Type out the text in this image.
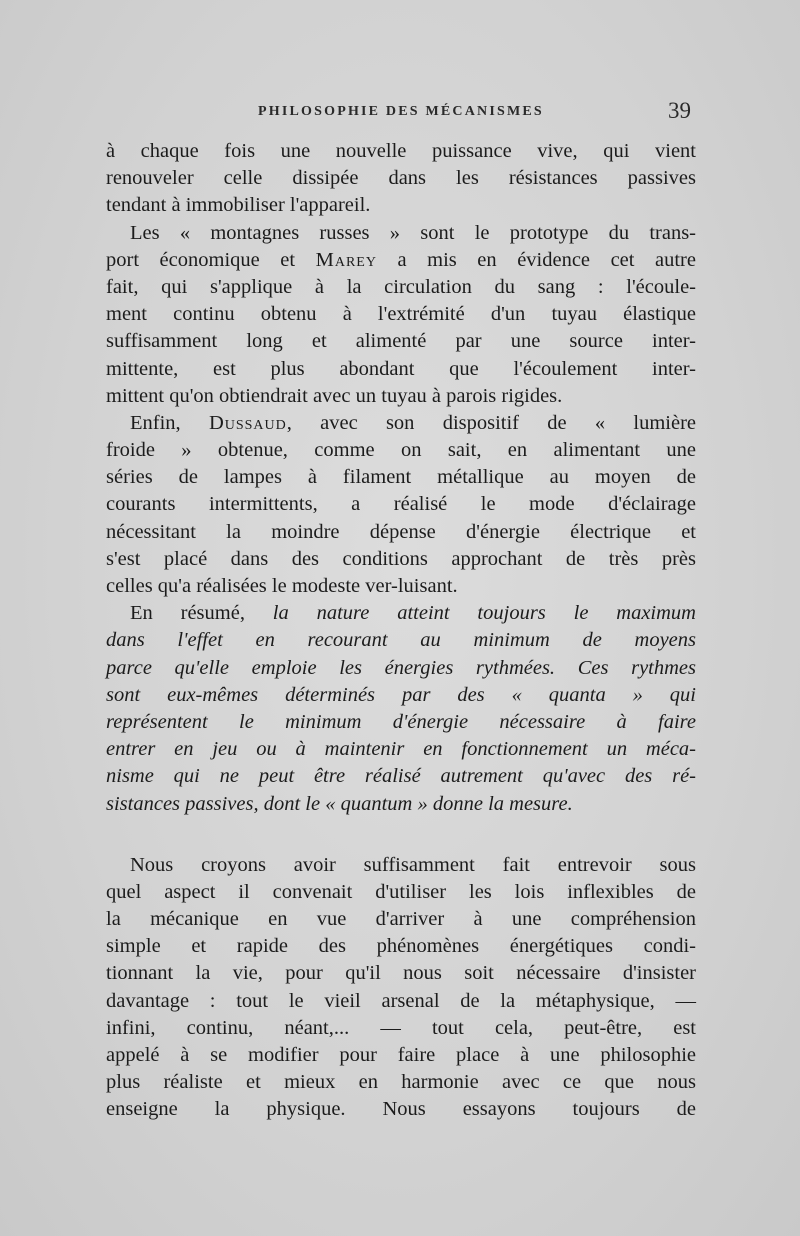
PHILOSOPHIE DES MÉCANISMES	39
à chaque fois une nouvelle puissance vive, qui vient
renouveler celle dissipée dans les résistances passives
tendant à immobiliser l'appareil.
Les « montagnes russes » sont le prototype du trans-
port économique et Marey a mis en évidence cet autre
fait, qui s'applique à la circulation du sang : l'écoule-
ment continu obtenu à l'extrémité d'un tuyau élastique
suffisamment long et alimenté par une source inter-
mittente, est plus abondant que l'écoulement inter-
mittent qu'on obtiendrait avec un tuyau à parois rigides.
Enfin, Dussaud, avec son dispositif de « lumière
froide » obtenue, comme on sait, en alimentant une
séries de lampes à filament métallique au moyen de
courants intermittents, a réalisé le mode d'éclairage
nécessitant la moindre dépense d'énergie électrique et
s'est placé dans des conditions approchant de très près
celles qu'a réalisées le modeste ver-luisant.
En résumé, la nature atteint toujours le maximum
dans l'effet en recourant au minimum de moyens
parce qu'elle emploie les énergies rythmées. Ces rythmes
sont eux-mêmes déterminés par des « quanta » qui
représentent le minimum d'énergie nécessaire à faire
entrer en jeu ou à maintenir en fonctionnement un méca-
nisme qui ne peut être réalisé autrement qu'avec des ré-
sistances passives, dont le « quantum » donne la mesure.
Nous croyons avoir suffisamment fait entrevoir sous
quel aspect il convenait d'utiliser les lois inflexibles de
la mécanique en vue d'arriver à une compréhension
simple et rapide des phénomènes énergétiques condi-
tionnant la vie, pour qu'il nous soit nécessaire d'insister
davantage : tout le vieil arsenal de la métaphysique, —
infini, continu, néant,... — tout cela, peut-être, est
appelé à se modifier pour faire place à une philosophie
plus réaliste et mieux en harmonie avec ce que nous
enseigne la physique. Nous essayons toujours de
